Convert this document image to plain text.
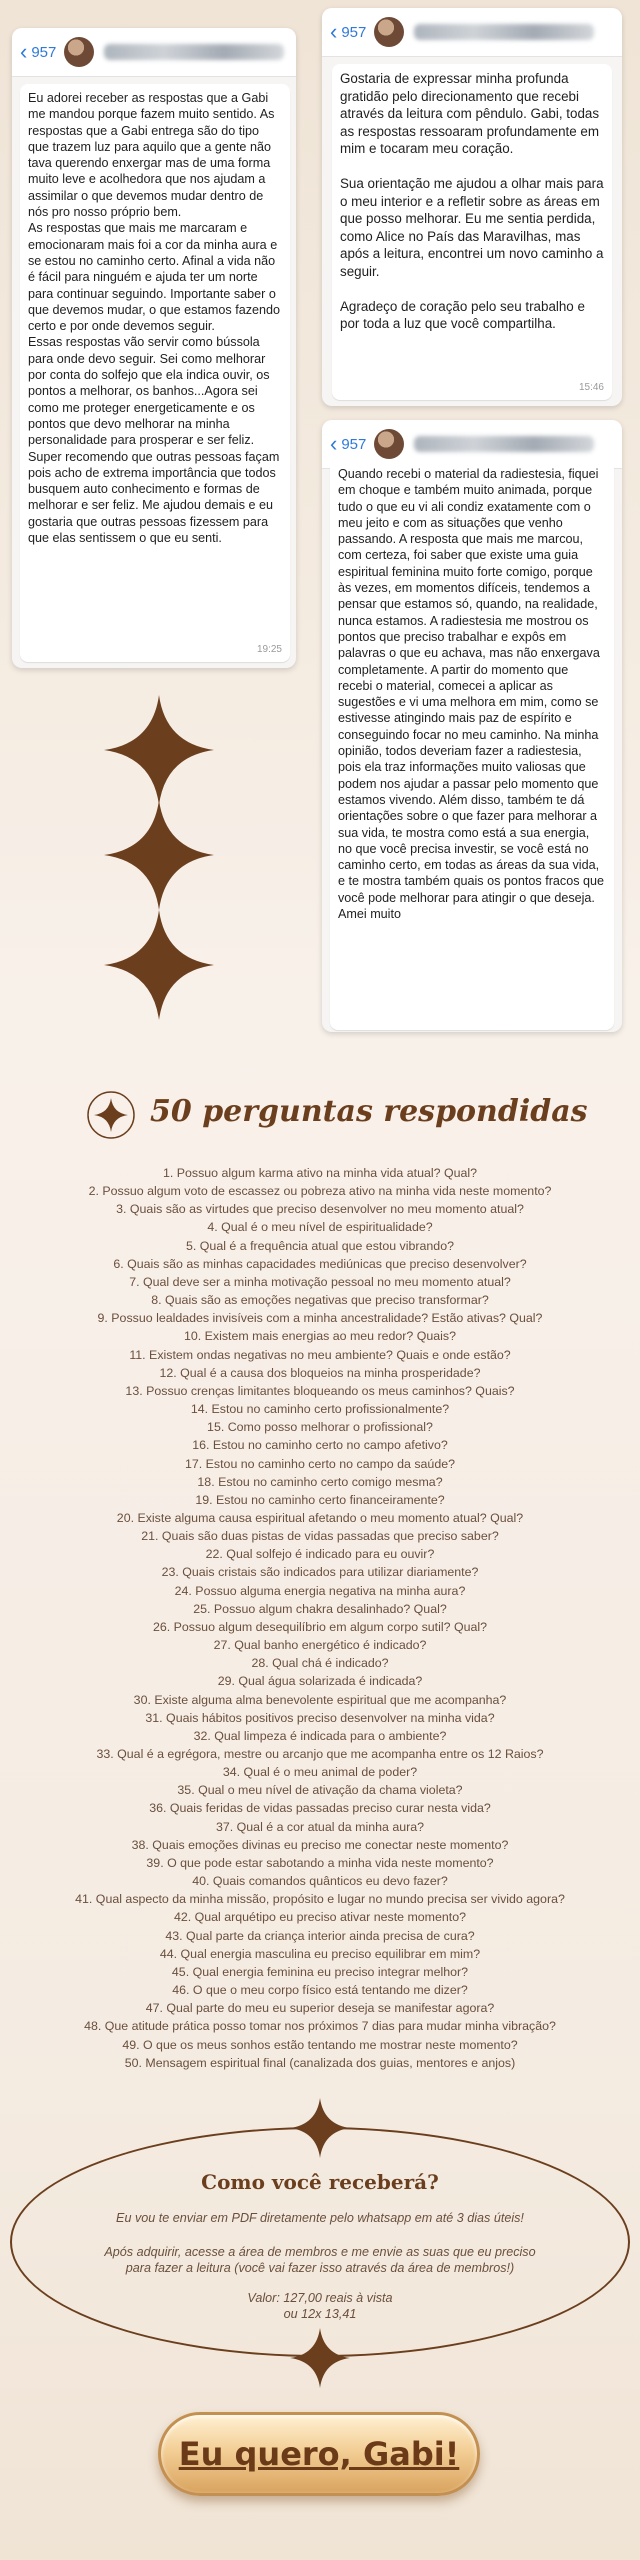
‹ 957
Eu adorei receber as respostas que a Gabi me mandou porque fazem muito sentido. As respostas que a Gabi entrega são do tipo que trazem luz para aquilo que a gente não tava querendo enxergar mas de uma forma muito leve e acolhedora que nos ajudam a assimilar o que devemos mudar dentro de nós pro nosso próprio bem.
As respostas que mais me marcaram e emocionaram mais foi a cor da minha aura e se estou no caminho certo. Afinal a vida não é fácil para ninguém e ajuda ter um norte para continuar seguindo. Importante saber o que devemos mudar, o que estamos fazendo certo e por onde devemos seguir.
Essas respostas vão servir como bússola para onde devo seguir. Sei como melhorar por conta do solfejo que ela indica ouvir, os pontos a melhorar, os banhos...Agora sei como me proteger energeticamente e os pontos que devo melhorar na minha personalidade para prosperar e ser feliz.
Super recomendo que outras pessoas façam pois acho de extrema importância que todos busquem auto conhecimento e formas de melhorar e ser feliz. Me ajudou demais e eu gostaria que outras pessoas fizessem para que elas sentissem o que eu senti.
19:25
‹ 957
Gostaria de expressar minha profunda gratidão pelo direcionamento que recebi através da leitura com pêndulo. Gabi, todas as respostas ressoaram profundamente em mim e tocaram meu coração.

Sua orientação me ajudou a olhar mais para o meu interior e a refletir sobre as áreas em que posso melhorar. Eu me sentia perdida, como Alice no País das Maravilhas, mas após a leitura, encontrei um novo caminho a seguir.

Agradeço de coração pelo seu trabalho e por toda a luz que você compartilha.
15:46
‹ 957
Quando recebi o material da radiestesia, fiquei em choque e também muito animada, porque tudo o que eu vi ali condiz exatamente com o meu jeito e com as situações que venho passando. A resposta que mais me marcou, com certeza, foi saber que existe uma guia espiritual feminina muito forte comigo, porque às vezes, em momentos difíceis, tendemos a pensar que estamos só, quando, na realidade, nunca estamos. A radiestesia me mostrou os pontos que preciso trabalhar e expôs em palavras o que eu achava, mas não enxergava completamente. A partir do momento que recebi o material, comecei a aplicar as sugestões e vi uma melhora em mim, como se estivesse atingindo mais paz de espírito e conseguindo focar no meu caminho. Na minha opinião, todos deveriam fazer a radiestesia, pois ela traz informações muito valiosas que podem nos ajudar a passar pelo momento que estamos vivendo. Além disso, também te dá orientações sobre o que fazer para melhorar a sua vida, te mostra como está a sua energia, no que você precisa investir, se você está no caminho certo, em todas as áreas da sua vida, e te mostra também quais os pontos fracos que você pode melhorar para atingir o que deseja. Amei muito
50 perguntas respondidas
1. Possuo algum karma ativo na minha vida atual? Qual?
2. Possuo algum voto de escassez ou pobreza ativo na minha vida neste momento?
3. Quais são as virtudes que preciso desenvolver no meu momento atual?
4. Qual é o meu nível de espiritualidade?
5. Qual é a frequência atual que estou vibrando?
6. Quais são as minhas capacidades mediúnicas que preciso desenvolver?
7. Qual deve ser a minha motivação pessoal no meu momento atual?
8. Quais são as emoções negativas que preciso transformar?
9. Possuo lealdades invisíveis com a minha ancestralidade? Estão ativas? Qual?
10. Existem mais energias ao meu redor? Quais?
11. Existem ondas negativas no meu ambiente? Quais e onde estão?
12. Qual é a causa dos bloqueios na minha prosperidade?
13. Possuo crenças limitantes bloqueando os meus caminhos? Quais?
14. Estou no caminho certo profissionalmente?
15. Como posso melhorar o profissional?
16. Estou no caminho certo no campo afetivo?
17. Estou no caminho certo no campo da saúde?
18. Estou no caminho certo comigo mesma?
19. Estou no caminho certo financeiramente?
20. Existe alguma causa espiritual afetando o meu momento atual? Qual?
21. Quais são duas pistas de vidas passadas que preciso saber?
22. Qual solfejo é indicado para eu ouvir?
23. Quais cristais são indicados para utilizar diariamente?
24. Possuo alguma energia negativa na minha aura?
25. Possuo algum chakra desalinhado? Qual?
26. Possuo algum desequilíbrio em algum corpo sutil? Qual?
27. Qual banho energético é indicado?
28. Qual chá é indicado?
29. Qual água solarizada é indicada?
30. Existe alguma alma benevolente espiritual que me acompanha?
31. Quais hábitos positivos preciso desenvolver na minha vida?
32. Qual limpeza é indicada para o ambiente?
33. Qual é a egrégora, mestre ou arcanjo que me acompanha entre os 12 Raios?
34. Qual é o meu animal de poder?
35. Qual o meu nível de ativação da chama violeta?
36. Quais feridas de vidas passadas preciso curar nesta vida?
37. Qual é a cor atual da minha aura?
38. Quais emoções divinas eu preciso me conectar neste momento?
39. O que pode estar sabotando a minha vida neste momento?
40. Quais comandos quânticos eu devo fazer?
41. Qual aspecto da minha missão, propósito e lugar no mundo precisa ser vivido agora?
42. Qual arquétipo eu preciso ativar neste momento?
43. Qual parte da criança interior ainda precisa de cura?
44. Qual energia masculina eu preciso equilibrar em mim?
45. Qual energia feminina eu preciso integrar melhor?
46. O que o meu corpo físico está tentando me dizer?
47. Qual parte do meu eu superior deseja se manifestar agora?
48. Que atitude prática posso tomar nos próximos 7 dias para mudar minha vibração?
49. O que os meus sonhos estão tentando me mostrar neste momento?
50. Mensagem espiritual final (canalizada dos guias, mentores e anjos)
Como você receberá?
Eu vou te enviar em PDF diretamente pelo whatsapp em até 3 dias úteis!
Após adquirir, acesse a área de membros e me envie as suas que eu preciso para fazer a leitura (você vai fazer isso através da área de membros!)
Valor: 127,00 reais à vista
ou 12x 13,41
Eu quero, Gabi!
